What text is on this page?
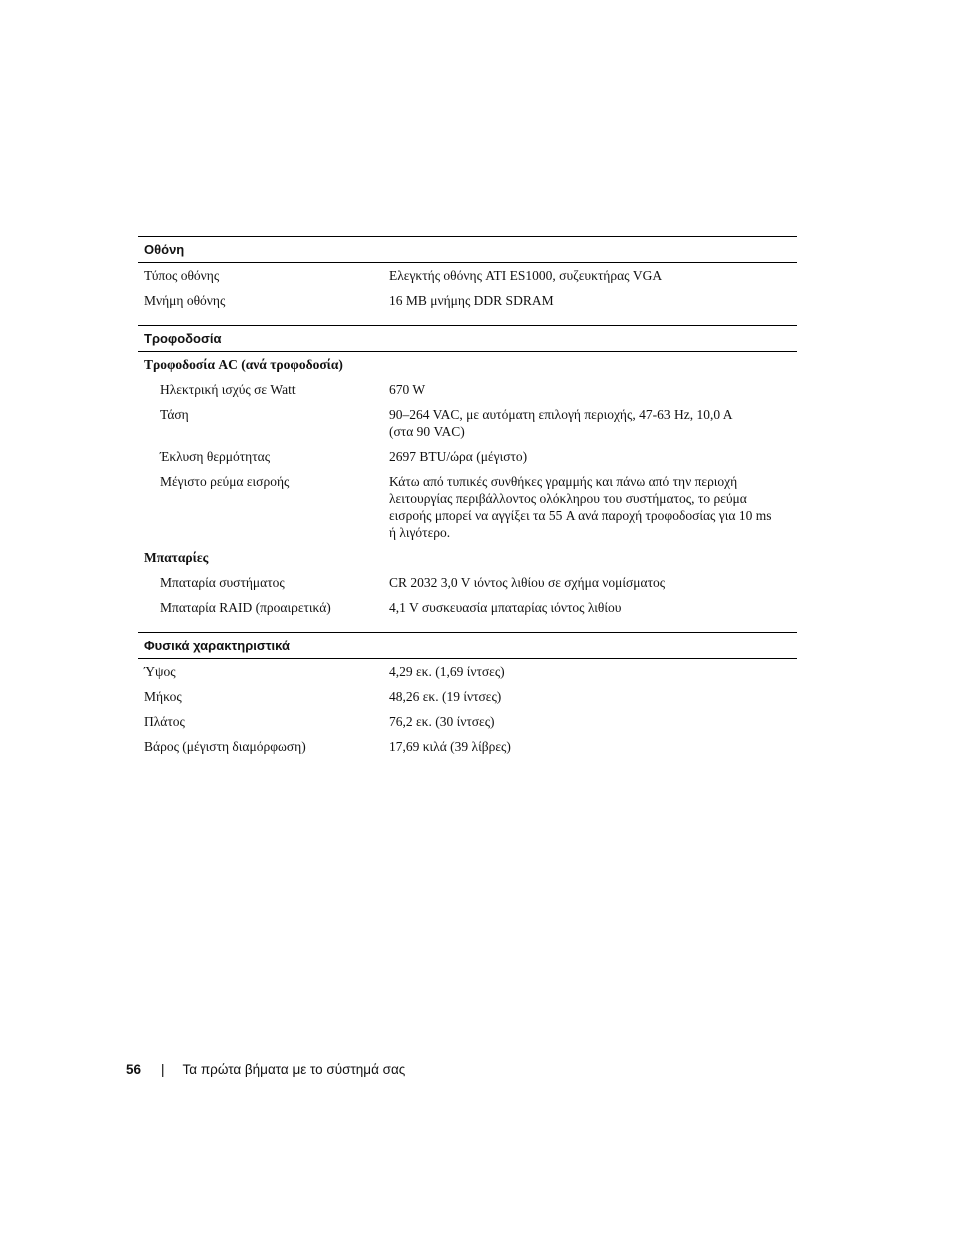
Οθόνη
Τύπος οθόνης	Ελεγκτής οθόνης ATI ES1000, συζευκτήρας VGA
Μνήμη οθόνης	16 MB μνήμης DDR SDRAM
Τροφοδοσία
Τροφοδοσία AC (ανά τροφοδοσία)
Ηλεκτρική ισχύς σε Watt	670 W
Τάση	90–264 VAC, με αυτόματη επιλογή περιοχής, 47-63 Hz, 10,0 A
(στα 90 VAC)
Έκλυση θερμότητας	2697 BTU/ώρα (μέγιστο)
Μέγιστο ρεύμα εισροής	Κάτω από τυπικές συνθήκες γραμμής και πάνω από την περιοχή
λειτουργίας περιβάλλοντος ολόκληρου του συστήματος, το ρεύμα
εισροής μπορεί να αγγίξει τα 55 A ανά παροχή τροφοδοσίας για 10 ms
ή λιγότερο.
Μπαταρίες
Μπαταρία συστήματος	CR 2032 3,0 V ιόντος λιθίου σε σχήμα νομίσματος
Μπαταρία RAID (προαιρετικά)	4,1 V συσκευασία μπαταρίας ιόντος λιθίου
Φυσικά χαρακτηριστικά
Ύψος	4,29 εκ. (1,69 ίντσες)
Μήκος	48,26 εκ. (19 ίντσες)
Πλάτος	76,2 εκ. (30 ίντσες)
Βάρος (μέγιστη διαμόρφωση)	17,69 κιλά (39 λίβρες)
56 | Τα πρώτα βήματα με το σύστημά σας
